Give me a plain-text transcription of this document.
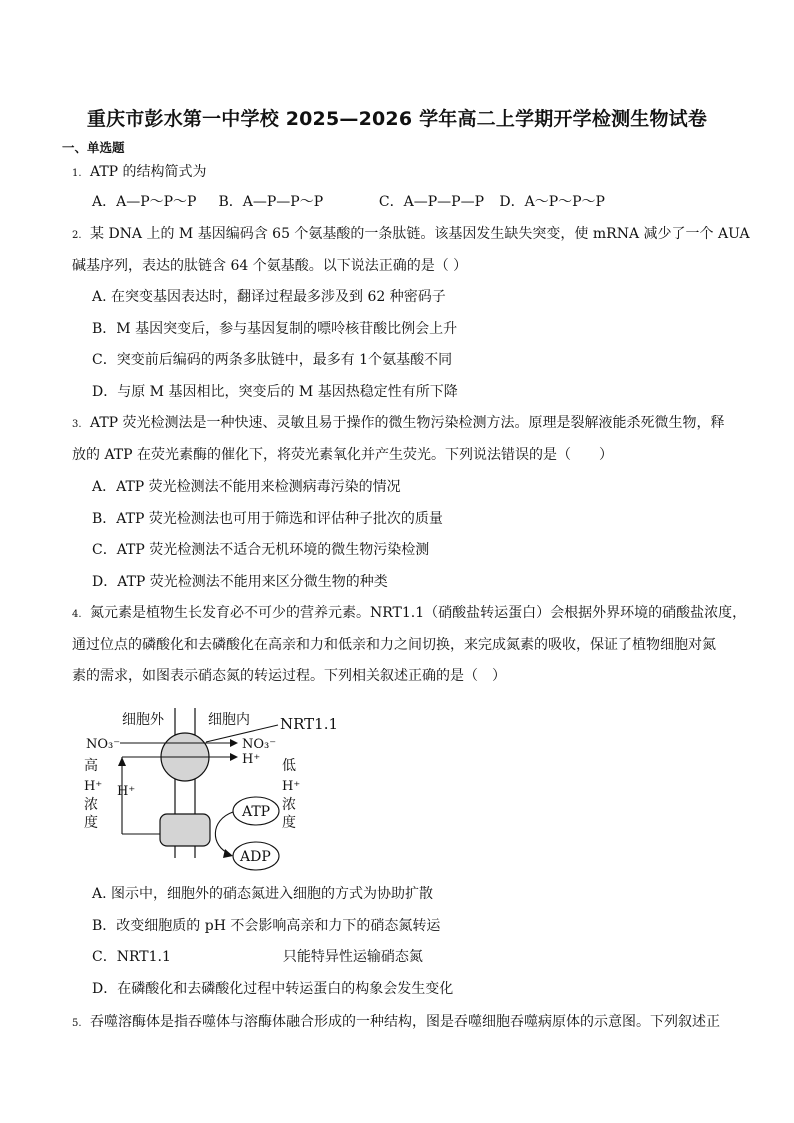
重庆市彭水第一中学校 2025—2026 学年高二上学期开学检测生物试卷
一、单选题
1. ATP 的结构简式为
A．A—P～P～P B．A—P—P～P	C．A—P—P—P D．A～P～P～P
2. 某 DNA 上的 M 基因编码含 65 个氨基酸的一条肽链。该基因发生缺失突变，使 mRNA 减少了一个 AUA
碱基序列，表达的肽链含 64 个氨基酸。以下说法正确的是（ ）
A. 在突变基因表达时，翻译过程最多涉及到 62 种密码子
B．M 基因突变后，参与基因复制的嘌呤核苷酸比例会上升
C．突变前后编码的两条多肽链中，最多有 1个氨基酸不同
D．与原 M 基因相比，突变后的 M 基因热稳定性有所下降
3. ATP 荧光检测法是一种快速、灵敏且易于操作的微生物污染检测方法。原理是裂解液能杀死微生物，释
放的 ATP 在荧光素酶的催化下，将荧光素氧化并产生荧光。下列说法错误的是（　　）
A．ATP 荧光检测法不能用来检测病毒污染的情况
B．ATP 荧光检测法也可用于筛选和评估种子批次的质量
C．ATP 荧光检测法不适合无机环境的微生物污染检测
D．ATP 荧光检测法不能用来区分微生物的种类
4. 氮元素是植物生长发育必不可少的营养元素。NRT1.1（硝酸盐转运蛋白）会根据外界环境的硝酸盐浓度，
通过位点的磷酸化和去磷酸化在高亲和力和低亲和力之间切换，来完成氮素的吸收，保证了植物细胞对氮
素的需求，如图表示硝态氮的转运过程。下列相关叙述正确的是（　）
细胞外	细胞内 NRT1.1
NO₃⁻	NO₃⁻
H⁺
H⁺
高
H⁺
浓
度
低
H⁺
浓
度
ATP
ADP
A. 图示中，细胞外的硝态氮进入细胞的方式为协助扩散
B．改变细胞质的 pH 不会影响高亲和力下的硝态氮转运
C．NRT1.1　　　　　　　　只能特异性运输硝态氮
D．在磷酸化和去磷酸化过程中转运蛋白的构象会发生变化
5. 吞噬溶酶体是指吞噬体与溶酶体融合形成的一种结构，图是吞噬细胞吞噬病原体的示意图。下列叙述正
